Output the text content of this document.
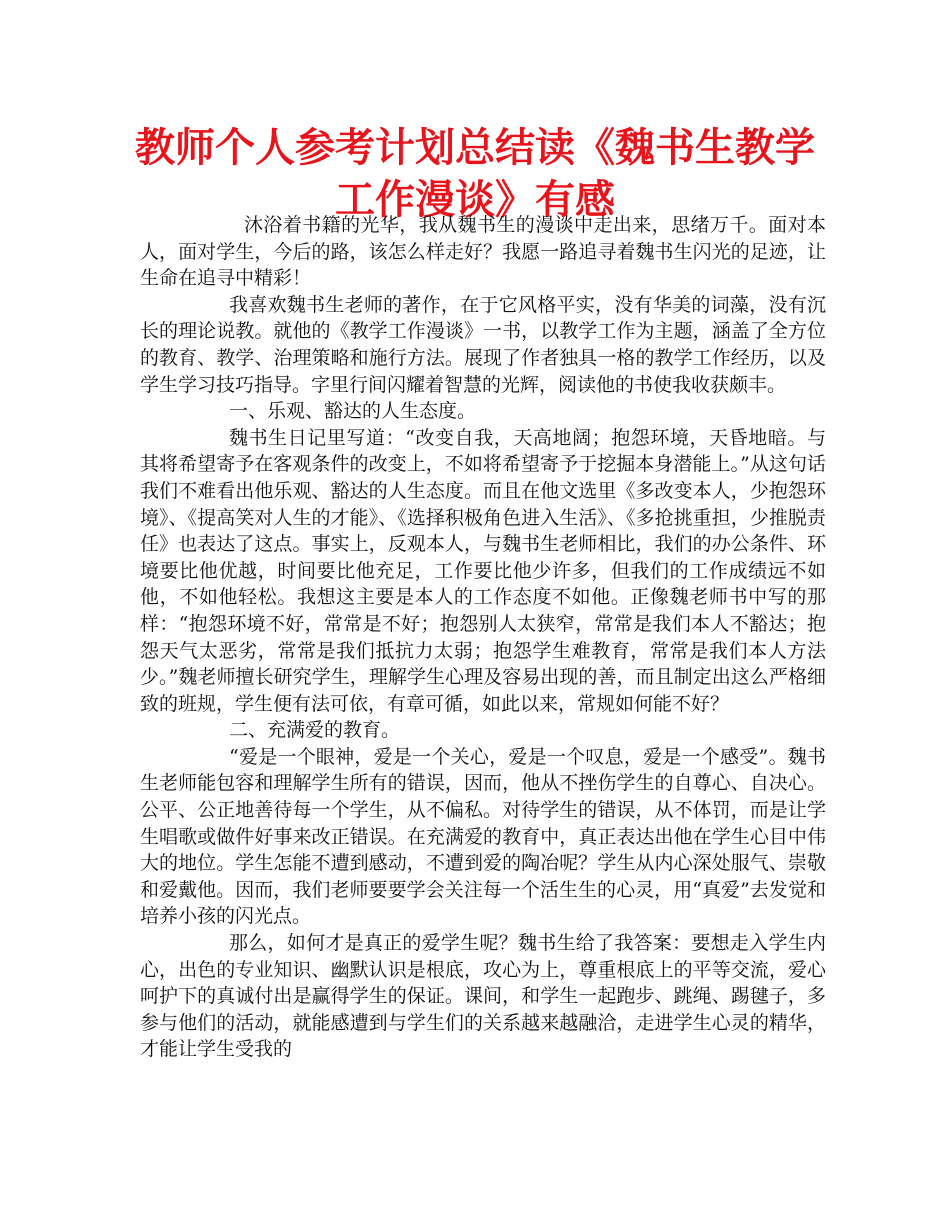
教师个人参考计划总结读《魏书生教学工作漫谈》有感

沐浴着书籍的光华，我从魏书生的漫谈中走出来，思绪万千。面对本人，面对学生，今后的路，该怎么样走好？我愿一路追寻着魏书生闪光的足迹，让生命在追寻中精彩！

我喜欢魏书生老师的著作，在于它风格平实，没有华美的词藻，没有沉长的理论说教。就他的《教学工作漫谈》一书，以教学工作为主题，涵盖了全方位的教育、教学、治理策略和施行方法。展现了作者独具一格的教学工作经历，以及学生学习技巧指导。字里行间闪耀着智慧的光辉，阅读他的书使我收获颇丰。

一、乐观、豁达的人生态度。

魏书生日记里写道：“改变自我，天高地阔；抱怨环境，天昏地暗。与其将希望寄予在客观条件的改变上，不如将希望寄予于挖掘本身潜能上。”从这句话我们不难看出他乐观、豁达的人生态度。而且在他文选里《多改变本人，少抱怨环境》、《提高笑对人生的才能》、《选择积极角色进入生活》、《多抢挑重担，少推脱责任》也表达了这点。事实上，反观本人，与魏书生老师相比，我们的办公条件、环境要比他优越，时间要比他充足，工作要比他少许多，但我们的工作成绩远不如他，不如他轻松。我想这主要是本人的工作态度不如他。正像魏老师书中写的那样：“抱怨环境不好，常常是不好；抱怨别人太狭窄，常常是我们本人不豁达；抱怨天气太恶劣，常常是我们抵抗力太弱；抱怨学生难教育，常常是我们本人方法少。”魏老师擅长研究学生，理解学生心理及容易出现的善，而且制定出这么严格细致的班规，学生便有法可依，有章可循，如此以来，常规如何能不好？

二、充满爱的教育。

“爱是一个眼神，爱是一个关心，爱是一个叹息，爱是一个感受”。魏书生老师能包容和理解学生所有的错误，因而，他从不挫伤学生的自尊心、自决心。公平、公正地善待每一个学生，从不偏私。对待学生的错误，从不体罚，而是让学生唱歌或做件好事来改正错误。在充满爱的教育中，真正表达出他在学生心目中伟大的地位。学生怎能不遭到感动，不遭到爱的陶冶呢？学生从内心深处服气、崇敬和爱戴他。因而，我们老师要要学会关注每一个活生生的心灵，用“真爱”去发觉和培养小孩的闪光点。

那么，如何才是真正的爱学生呢？魏书生给了我答案：要想走入学生内心，出色的专业知识、幽默认识是根底，攻心为上，尊重根底上的平等交流，爱心呵护下的真诚付出是赢得学生的保证。课间，和学生一起跑步、跳绳、踢毽子，多参与他们的活动，就能感遭到与学生们的关系越来越融洽，走进学生心灵的精华，才能让学生受我的
